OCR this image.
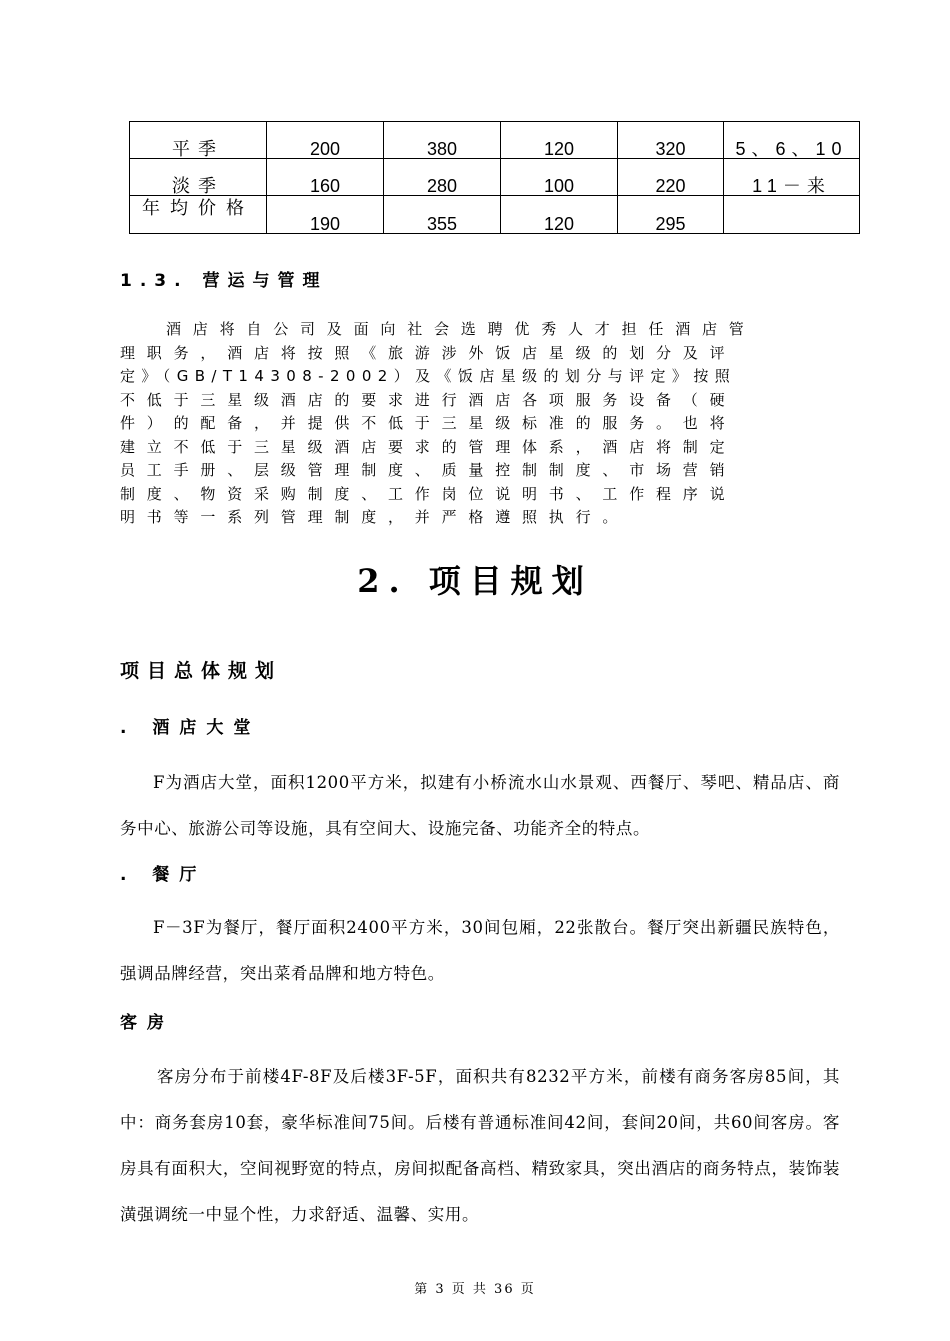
平季	200	380	120	320	5、6、10
淡季	160	280	100	220	11－来
年均价格	190	355	120	295	
1.3. 营运与管理
酒店将自公司及面向社会选聘优秀人才担任酒店管
理职务，酒店将按照《旅游涉外饭店星级的划分及评
定》（GB/T14308-2002）及《饭店星级的划分与评定》按照
不低于三星级酒店的要求进行酒店各项服务设备（硬
件）的配备，并提供不低于三星级标准的服务。也将
建立不低于三星级酒店要求的管理体系，酒店将制定
员工手册、层级管理制度、质量控制制度、市场营销
制度、物资采购制度、工作岗位说明书、工作程序说
明书等一系列管理制度，并严格遵照执行。
2. 项目规划
项目总体规划
. 酒店大堂
F为酒店大堂，面积1200平方米，拟建有小桥流水山水景观、西餐厅、琴吧、精品店、商务中心、旅游公司等设施，具有空间大、设施完备、功能齐全的特点。
. 餐厅
F－3F为餐厅，餐厅面积2400平方米，30间包厢，22张散台。餐厅突出新疆民族特色，强调品牌经营，突出菜肴品牌和地方特色。
客房
客房分布于前楼4F-8F及后楼3F-5F，面积共有8232平方米，前楼有商务客房85间，其中：商务套房10套，豪华标准间75间。后楼有普通标准间42间，套间20间，共60间客房。客房具有面积大，空间视野宽的特点，房间拟配备高档、精致家具，突出酒店的商务特点，装饰装潢强调统一中显个性，力求舒适、温馨、实用。
第 3 页 共 36 页
